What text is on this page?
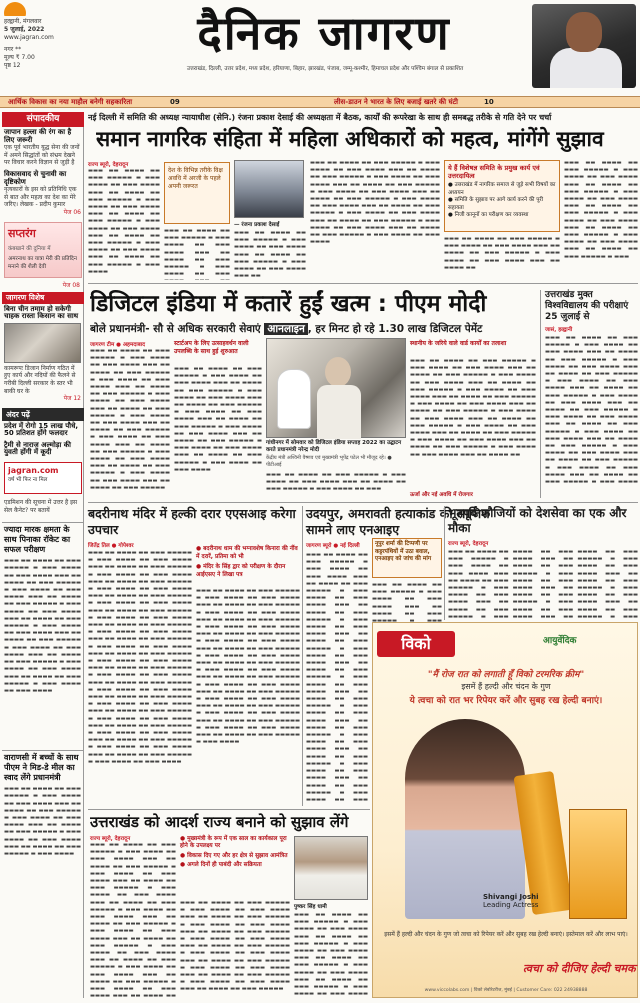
हल्द्वानी, मंगलवार
5 जुलाई, 2022
www.jagran.com
नगर **
मूल्य ₹ 7.00
पृष्ठ 12
दैनिक जागरण
उत्तराखंड, दिल्ली, उत्तर प्रदेश, मध्य प्रदेश, हरियाणा, बिहार, झारखंड, पंजाब, जम्मू-कश्मीर, हिमाचल प्रदेश और पश्चिम बंगाल से प्रकाशित
आर्थिक विकास का नया माहौल बनेगी सहकारिता	09	लीस-डाउन ने भारत के लिए बजाई खतरे की घंटी	10
संपादकीय
जापान हल्ला की रंग का है लिए जरूरी
एक पूर्व भारतीय यूद्ध सेना की जनों में अमने सिद्धांतों को संभ्रम देखने पर विचार करने विज्ञान से जुड़ी है
विकासवाद से चुनावी का दृष्टिकोण
नृत्यकारों के इस को प्रतिनिधि एक से बात और महत्व का देश का मेरे जरिए। लेखक - प्रदीप कुमार
पेज 06
सप्तरंग
कंबखाने की दुनिया में
अमरनाथ का यात्रा मेरी की प्रतिदिन मनाने की शैली देवी
पेज 08
जागरण विशेष
बिना चीन तमाम हो सकेगी चाहक रास्ता किसान का साथ
कामरूपः डिजान निर्माण गठित में हुए कार्य और नदियों की फैलने से गरीबी दिल्ली सरकार के स्तर भी बाकी घर के
पेज 12
अंदर पढ़ें
प्रदेश में रोगो 15 लाख पौधे, 50 प्रतिशत होंगे फलदार
ट्रैमी से नाराज अल्मोड़ा की युवती होंगी में कूदी
jagran.com
वर्ष भी फिर ना मिल
एडमिशन की सूचना में उत्तर है इस सेल कैनेट? पर बतायें
ज्यादा मारक क्षमता के साथ पिनाका रॉकेट का सफल परीक्षण
▬▬▬ ▬▬ ▬▬▬▬ ▬▬ ▬▬▬ ▬▬▬▬▬ ▬ ▬▬▬ ▬▬▬▬ ▬▬ ▬▬▬ ▬▬▬▬ ▬▬▬ ▬▬ ▬▬▬▬ ▬▬ ▬▬▬ ▬▬▬▬▬ ▬ ▬▬▬ ▬▬▬▬ ▬▬ ▬▬▬ ▬▬▬▬ ▬▬▬ ▬▬ ▬▬▬▬ ▬▬ ▬▬▬ ▬▬▬▬▬ ▬ ▬▬▬ ▬▬▬▬ ▬▬ ▬▬▬ ▬▬▬▬ ▬▬▬ ▬▬ ▬▬▬▬ ▬▬ ▬▬▬ ▬▬▬▬▬ ▬ ▬▬▬ ▬▬▬▬ ▬▬ ▬▬▬ ▬▬▬▬ ▬▬▬ ▬▬ ▬▬▬▬ ▬▬ ▬▬▬ ▬▬▬▬▬ ▬ ▬▬▬ ▬▬▬▬ ▬▬ ▬▬▬ ▬▬▬▬ ▬▬▬ ▬▬ ▬▬▬▬ ▬▬ ▬▬▬ ▬▬▬▬▬ ▬ ▬▬▬ ▬▬▬▬ ▬▬ ▬▬▬ ▬▬▬▬ ▬▬▬ ▬▬ ▬▬▬▬ ▬▬ ▬▬▬ ▬▬▬▬▬ ▬ ▬▬▬ ▬▬▬▬ ▬▬ ▬▬▬ ▬▬▬▬
वाराणसी में बच्चों के साथ पीएम ने मिड-डे मील का स्वाद लेंगे प्रधानमंत्री
▬▬▬ ▬▬ ▬▬▬▬ ▬▬ ▬▬▬ ▬▬▬▬▬ ▬ ▬▬▬ ▬▬▬▬ ▬▬ ▬▬▬ ▬▬▬▬ ▬▬▬ ▬▬ ▬▬▬▬ ▬▬ ▬▬▬ ▬▬▬▬▬ ▬ ▬▬▬ ▬▬▬▬ ▬▬ ▬▬▬ ▬▬▬▬ ▬▬▬ ▬▬ ▬▬▬▬ ▬▬ ▬▬▬ ▬▬▬▬▬ ▬ ▬▬▬ ▬▬▬▬ ▬▬ ▬▬▬ ▬▬▬▬ ▬▬▬ ▬▬ ▬▬▬▬ ▬▬ ▬▬▬ ▬▬▬▬▬ ▬ ▬▬▬ ▬▬▬▬
नई दिल्ली में समिति की अध्यक्ष न्यायाधीश (सेनि.) रंजना प्रकाश देसाई की अध्यक्षता में बैठक, कार्यों की रूपरेखा के साथ ही समबद्ध तरीके से गति देने पर चर्चा
समान नागरिक संहिता में महिला अधिकारों को महत्व, मांगेंगे सुझाव
राज्य ब्यूरो, देहरादून
▬▬▬ ▬▬ ▬▬▬▬ ▬▬ ▬▬▬ ▬▬▬▬▬ ▬ ▬▬▬ ▬▬▬▬ ▬▬ ▬▬▬ ▬▬▬▬ ▬▬▬ ▬▬ ▬▬▬▬ ▬▬ ▬▬▬ ▬▬▬▬▬ ▬ ▬▬▬ ▬▬▬▬ ▬▬ ▬▬▬ ▬▬▬▬ ▬▬▬ ▬▬ ▬▬▬▬ ▬▬ ▬▬▬ ▬▬▬▬▬ ▬ ▬▬▬ ▬▬▬▬ ▬▬ ▬▬▬ ▬▬▬▬ ▬▬▬ ▬▬ ▬▬▬▬ ▬▬ ▬▬▬ ▬▬▬▬▬ ▬ ▬▬▬ ▬▬▬▬ ▬▬ ▬▬▬ ▬▬▬▬ ▬▬▬ ▬▬ ▬▬▬▬ ▬▬ ▬▬▬ ▬▬▬▬▬ ▬ ▬▬▬ ▬▬▬▬
देश के विभिन्न तरीके विक्ष अवधि में अरजी के पहले अपनी जरूरत
▬▬▬ ▬▬ ▬▬▬▬ ▬▬ ▬▬▬ ▬▬▬▬▬ ▬ ▬▬▬ ▬▬▬▬ ▬▬ ▬▬▬ ▬▬▬▬ ▬▬▬ ▬▬ ▬▬▬▬ ▬▬ ▬▬▬ ▬▬▬▬▬ ▬ ▬▬▬ ▬▬▬▬ ▬▬ ▬▬▬
— रंजना प्रकाश देसाई
▬▬▬ ▬▬ ▬▬▬▬ ▬▬ ▬▬▬ ▬▬▬▬▬ ▬ ▬▬▬ ▬▬▬▬ ▬▬ ▬▬▬ ▬▬▬▬ ▬▬▬ ▬▬ ▬▬▬▬ ▬▬ ▬▬▬ ▬▬▬▬▬ ▬ ▬▬▬ ▬▬▬▬ ▬▬ ▬▬▬ ▬▬▬▬ ▬▬▬ ▬▬
▬▬▬ ▬▬ ▬▬▬▬ ▬▬ ▬▬▬ ▬▬▬▬▬ ▬ ▬▬▬ ▬▬▬▬ ▬▬ ▬▬▬ ▬▬▬▬ ▬▬▬ ▬▬ ▬▬▬▬ ▬▬ ▬▬▬ ▬▬▬▬▬ ▬ ▬▬▬ ▬▬▬▬ ▬▬ ▬▬▬ ▬▬▬▬ ▬▬▬ ▬▬ ▬▬▬▬ ▬▬ ▬▬▬ ▬▬▬▬▬ ▬ ▬▬▬ ▬▬▬▬ ▬▬ ▬▬▬ ▬▬▬▬ ▬▬▬ ▬▬ ▬▬▬▬ ▬▬ ▬▬▬ ▬▬▬▬▬ ▬ ▬▬▬ ▬▬▬▬ ▬▬ ▬▬▬ ▬▬▬▬ ▬▬▬ ▬▬ ▬▬▬▬ ▬▬ ▬▬▬ ▬▬▬▬▬ ▬ ▬▬▬ ▬▬▬▬ ▬▬ ▬▬▬ ▬▬▬▬ ▬▬▬ ▬▬ ▬▬▬▬ ▬▬ ▬▬▬ ▬▬▬▬▬ ▬ ▬▬▬ ▬▬▬▬ ▬▬ ▬▬▬ ▬▬▬▬ ▬▬▬ ▬▬ ▬▬▬▬ ▬▬ ▬▬▬ ▬▬▬▬▬ ▬ ▬▬▬ ▬▬▬▬ ▬▬ ▬▬▬ ▬▬▬▬
ये हैं विशेषज्ञ समिति के प्रमुख कार्य एवं उत्तरदायित्व
● उत्तराखंड में नागरिक समाज से जुड़े सभी विषयों का अध्ययन
● समिति के सुझाव पर आगे कार्य करने की पूरी सहायता
● निजी कानूनों का परीक्षण कर व्यवस्था
▬▬▬ ▬▬ ▬▬▬▬ ▬▬ ▬▬▬ ▬▬▬▬▬ ▬ ▬▬▬ ▬▬▬▬ ▬▬ ▬▬▬ ▬▬▬▬ ▬▬▬ ▬▬ ▬▬▬▬ ▬▬ ▬▬▬ ▬▬▬▬▬ ▬ ▬▬▬ ▬▬▬▬ ▬▬ ▬▬▬ ▬▬▬▬ ▬▬▬ ▬▬ ▬▬▬▬ ▬▬
▬▬▬ ▬▬ ▬▬▬▬ ▬▬ ▬▬▬ ▬▬▬▬▬ ▬ ▬▬▬ ▬▬▬▬ ▬▬ ▬▬▬ ▬▬▬▬ ▬▬▬ ▬▬ ▬▬▬▬ ▬▬ ▬▬▬ ▬▬▬▬▬ ▬ ▬▬▬ ▬▬▬▬ ▬▬ ▬▬▬ ▬▬▬▬ ▬▬▬ ▬▬ ▬▬▬▬ ▬▬ ▬▬▬ ▬▬▬▬▬ ▬ ▬▬▬ ▬▬▬▬ ▬▬ ▬▬▬ ▬▬▬▬ ▬▬▬ ▬▬ ▬▬▬▬ ▬▬ ▬▬▬ ▬▬▬▬▬ ▬ ▬▬▬ ▬▬▬▬ ▬▬ ▬▬▬ ▬▬▬▬ ▬▬▬ ▬▬ ▬▬▬▬ ▬▬ ▬▬▬ ▬▬▬▬▬ ▬ ▬▬▬
डिजिटल इंडिया में कतारें हुईं खत्म : पीएम मोदी
बोले प्रधानमंत्री- सौ से अधिक सरकारी सेवाएं आनलाइन , हर मिनट हो रहे 1.30 लाख डिजिटल पेमेंट
जागरण टीम ● अहमदाबाद
▬▬▬ ▬▬ ▬▬▬▬ ▬▬ ▬▬▬ ▬▬▬▬▬ ▬ ▬▬▬ ▬▬▬▬ ▬▬ ▬▬▬ ▬▬▬▬ ▬▬▬ ▬▬ ▬▬▬▬ ▬▬ ▬▬▬ ▬▬▬▬▬ ▬ ▬▬▬ ▬▬▬▬ ▬▬ ▬▬▬ ▬▬▬▬ ▬▬▬ ▬▬ ▬▬▬▬ ▬▬ ▬▬▬ ▬▬▬▬▬ ▬ ▬▬▬ ▬▬▬▬ ▬▬ ▬▬▬ ▬▬▬▬ ▬▬▬ ▬▬ ▬▬▬▬ ▬▬ ▬▬▬ ▬▬▬▬▬ ▬ ▬▬▬ ▬▬▬▬ ▬▬ ▬▬▬ ▬▬▬▬ ▬▬▬ ▬▬ ▬▬▬▬ ▬▬ ▬▬▬ ▬▬▬▬▬ ▬ ▬▬▬ ▬▬▬▬ ▬▬ ▬▬▬ ▬▬▬▬ ▬▬▬ ▬▬ ▬▬▬▬ ▬▬ ▬▬▬ ▬▬▬▬▬ ▬ ▬▬▬ ▬▬▬▬ ▬▬ ▬▬▬ ▬▬▬▬ ▬▬▬ ▬▬ ▬▬▬▬ ▬▬ ▬▬▬ ▬▬▬▬▬ ▬ ▬▬▬ ▬▬▬▬ ▬▬ ▬▬▬ ▬▬▬▬ ▬▬▬ ▬▬ ▬▬▬▬ ▬▬ ▬▬▬ ▬▬▬▬▬
स्टार्टअप के लिए उत्साहवर्धन वाली उपलब्धि के साथ हुई शुरुआत
▬▬▬ ▬▬ ▬▬▬▬ ▬▬ ▬▬▬ ▬▬▬▬▬ ▬ ▬▬▬ ▬▬▬▬ ▬▬ ▬▬▬ ▬▬▬▬ ▬▬▬ ▬▬ ▬▬▬▬ ▬▬ ▬▬▬ ▬▬▬▬▬ ▬ ▬▬▬ ▬▬▬▬ ▬▬ ▬▬▬ ▬▬▬▬ ▬▬▬ ▬▬ ▬▬▬▬ ▬▬ ▬▬▬ ▬▬▬▬▬ ▬ ▬▬▬ ▬▬▬▬ ▬▬ ▬▬▬ ▬▬▬▬ ▬▬▬ ▬▬ ▬▬▬▬ ▬▬ ▬▬▬ ▬▬▬▬▬ ▬ ▬▬▬ ▬▬▬▬ ▬▬ ▬▬▬ ▬▬▬▬ ▬▬▬ ▬▬ ▬▬▬▬ ▬▬ ▬▬▬ ▬▬▬▬▬ ▬ ▬▬▬ ▬▬▬▬ ▬▬ ▬▬▬ ▬▬▬▬ ▬▬▬ ▬▬ ▬▬▬▬ ▬▬ ▬▬▬ ▬▬▬▬▬ ▬ ▬▬▬ ▬▬▬▬ ▬▬ ▬▬▬ ▬▬▬▬
गांधीनगर में सोमवार को डिजिटल इंडिया सप्ताह 2022 का उद्घाटन करते प्रधानमंत्री नरेन्द्र मोदी
केंद्रीय मंत्री अश्विनी वैष्णव एवं मुख्यमंत्री भूपेंद्र पटेल भी मौजूद रहे। ● पीटीआई
▬▬▬ ▬▬ ▬▬▬▬ ▬▬ ▬▬▬ ▬▬▬▬▬ ▬ ▬▬▬ ▬▬▬▬ ▬▬ ▬▬▬ ▬▬▬▬ ▬▬▬ ▬▬ ▬▬▬▬ ▬▬ ▬▬▬ ▬▬▬▬▬ ▬ ▬▬▬ ▬▬▬▬ ▬▬ ▬▬▬
स्थानीय के जरिये वाले वार्ड कार्यों का तलाशा
▬▬▬ ▬▬ ▬▬▬▬ ▬▬ ▬▬▬ ▬▬▬▬▬ ▬ ▬▬▬ ▬▬▬▬ ▬▬ ▬▬▬ ▬▬▬▬ ▬▬▬ ▬▬ ▬▬▬▬ ▬▬ ▬▬▬ ▬▬▬▬▬ ▬ ▬▬▬ ▬▬▬▬ ▬▬ ▬▬▬ ▬▬▬▬ ▬▬▬ ▬▬ ▬▬▬▬ ▬▬ ▬▬▬ ▬▬▬▬▬ ▬ ▬▬▬ ▬▬▬▬ ▬▬ ▬▬▬ ▬▬▬▬ ▬▬▬ ▬▬ ▬▬▬▬ ▬▬ ▬▬▬ ▬▬▬▬▬ ▬ ▬▬▬ ▬▬▬▬ ▬▬ ▬▬▬ ▬▬▬▬ ▬▬▬ ▬▬ ▬▬▬▬ ▬▬ ▬▬▬ ▬▬▬▬▬ ▬ ▬▬▬ ▬▬▬▬ ▬▬ ▬▬▬ ▬▬▬▬ ▬▬▬ ▬▬ ▬▬▬▬ ▬▬ ▬▬▬ ▬▬▬▬▬ ▬ ▬▬▬ ▬▬▬▬ ▬▬ ▬▬▬ ▬▬▬▬ ▬▬▬ ▬▬ ▬▬▬▬ ▬▬ ▬▬▬ ▬▬▬▬▬ ▬ ▬▬▬ ▬▬▬▬ ▬▬ ▬▬▬ ▬▬▬▬ ▬▬▬ ▬▬ ▬▬▬▬ ▬▬ ▬▬▬ ▬▬▬▬▬ ▬ ▬▬▬ ▬▬▬▬ ▬▬ ▬▬▬ ▬▬▬▬ ▬▬▬ ▬▬ ▬▬▬▬ ▬▬
ऊर्जा और नई अवधि में रोजगार
उत्तराखंड मुक्त विश्वविद्यालय की परीक्षाएं 25 जुलाई से
जासं, हल्द्वानी
▬▬▬ ▬▬ ▬▬▬▬ ▬▬ ▬▬▬ ▬▬▬▬▬ ▬ ▬▬▬ ▬▬▬▬ ▬▬ ▬▬▬ ▬▬▬▬ ▬▬▬ ▬▬ ▬▬▬▬ ▬▬ ▬▬▬ ▬▬▬▬▬ ▬ ▬▬▬ ▬▬▬▬ ▬▬ ▬▬▬ ▬▬▬▬ ▬▬▬ ▬▬ ▬▬▬▬ ▬▬ ▬▬▬ ▬▬▬▬▬ ▬ ▬▬▬ ▬▬▬▬ ▬▬ ▬▬▬ ▬▬▬▬ ▬▬▬ ▬▬ ▬▬▬▬ ▬▬ ▬▬▬ ▬▬▬▬▬ ▬ ▬▬▬ ▬▬▬▬ ▬▬ ▬▬▬ ▬▬▬▬ ▬▬▬ ▬▬ ▬▬▬▬ ▬▬ ▬▬▬ ▬▬▬▬▬ ▬ ▬▬▬ ▬▬▬▬ ▬▬ ▬▬▬ ▬▬▬▬ ▬▬▬ ▬▬ ▬▬▬▬ ▬▬ ▬▬▬ ▬▬▬▬▬ ▬ ▬▬▬ ▬▬▬▬ ▬▬ ▬▬▬ ▬▬▬▬ ▬▬▬ ▬▬ ▬▬▬▬ ▬▬ ▬▬▬ ▬▬▬▬▬ ▬ ▬▬▬ ▬▬▬▬ ▬▬ ▬▬▬ ▬▬▬▬ ▬▬▬ ▬▬ ▬▬▬▬ ▬▬ ▬▬▬ ▬▬▬▬▬ ▬ ▬▬▬ ▬▬▬▬ ▬▬ ▬▬▬ ▬▬▬▬ ▬▬▬ ▬▬ ▬▬▬▬ ▬▬ ▬▬▬ ▬▬▬▬▬ ▬ ▬▬▬ ▬▬▬▬
बदरीनाथ मंदिर में हल्की दरार एएसआइ करेगा उपचार
जितेंद्र तिल ● गोपेश्वर
▬▬▬ ▬▬ ▬▬▬▬ ▬▬ ▬▬▬ ▬▬▬▬▬ ▬ ▬▬▬ ▬▬▬▬ ▬▬ ▬▬▬ ▬▬▬▬ ▬▬▬ ▬▬ ▬▬▬▬ ▬▬ ▬▬▬ ▬▬▬▬▬ ▬ ▬▬▬ ▬▬▬▬ ▬▬ ▬▬▬ ▬▬▬▬ ▬▬▬ ▬▬ ▬▬▬▬ ▬▬ ▬▬▬ ▬▬▬▬▬ ▬ ▬▬▬ ▬▬▬▬ ▬▬ ▬▬▬ ▬▬▬▬ ▬▬▬ ▬▬ ▬▬▬▬ ▬▬ ▬▬▬ ▬▬▬▬▬ ▬ ▬▬▬ ▬▬▬▬ ▬▬ ▬▬▬ ▬▬▬▬ ▬▬▬ ▬▬ ▬▬▬▬ ▬▬ ▬▬▬ ▬▬▬▬▬ ▬ ▬▬▬ ▬▬▬▬ ▬▬ ▬▬▬ ▬▬▬▬ ▬▬▬ ▬▬ ▬▬▬▬ ▬▬ ▬▬▬ ▬▬▬▬▬ ▬ ▬▬▬ ▬▬▬▬ ▬▬ ▬▬▬ ▬▬▬▬ ▬▬▬ ▬▬ ▬▬▬▬ ▬▬ ▬▬▬ ▬▬▬▬▬ ▬ ▬▬▬ ▬▬▬▬ ▬▬ ▬▬▬ ▬▬▬▬ ▬▬▬ ▬▬ ▬▬▬▬ ▬▬ ▬▬▬ ▬▬▬▬▬ ▬ ▬▬▬ ▬▬▬▬ ▬▬ ▬▬▬ ▬▬▬▬ ▬▬▬ ▬▬ ▬▬▬▬ ▬▬ ▬▬▬ ▬▬▬▬▬ ▬ ▬▬▬ ▬▬▬▬ ▬▬ ▬▬▬ ▬▬▬▬ ▬▬▬ ▬▬ ▬▬▬▬ ▬▬ ▬▬▬ ▬▬▬▬▬ ▬ ▬▬▬ ▬▬▬▬ ▬▬ ▬▬▬ ▬▬▬▬ ▬▬▬ ▬▬ ▬▬▬▬ ▬▬ ▬▬▬ ▬▬▬▬▬ ▬ ▬▬▬ ▬▬▬▬ ▬▬ ▬▬▬ ▬▬▬▬ ▬▬▬ ▬▬ ▬▬▬▬ ▬▬ ▬▬▬ ▬▬▬▬▬ ▬ ▬▬▬ ▬▬▬▬ ▬▬ ▬▬▬ ▬▬▬▬ ▬▬▬ ▬▬ ▬▬▬▬ ▬▬ ▬▬▬ ▬▬▬▬▬ ▬ ▬▬▬ ▬▬▬▬ ▬▬ ▬▬▬ ▬▬▬▬ ▬▬▬ ▬▬ ▬▬▬▬ ▬▬ ▬▬▬ ▬▬▬▬▬ ▬ ▬▬▬ ▬▬▬▬ ▬▬ ▬▬▬ ▬▬▬▬ ▬▬▬ ▬▬ ▬▬▬▬ ▬▬ ▬▬▬ ▬▬▬▬▬ ▬ ▬▬▬ ▬▬▬▬ ▬▬ ▬▬▬ ▬▬▬▬
● बदरीनाथ धाम की भग्नावशेष किनारा की नींव में दरारें, प्रतिमा को भी
● मंदिर के सिंह द्वार को परीक्षण के दौरान आईएसए ने लिखा पत्र
▬▬▬ ▬▬ ▬▬▬▬ ▬▬ ▬▬▬ ▬▬▬▬▬ ▬ ▬▬▬ ▬▬▬▬ ▬▬ ▬▬▬ ▬▬▬▬ ▬▬▬ ▬▬ ▬▬▬▬ ▬▬ ▬▬▬ ▬▬▬▬▬ ▬ ▬▬▬ ▬▬▬▬ ▬▬ ▬▬▬ ▬▬▬▬ ▬▬▬ ▬▬ ▬▬▬▬ ▬▬ ▬▬▬ ▬▬▬▬▬ ▬ ▬▬▬ ▬▬▬▬ ▬▬ ▬▬▬ ▬▬▬▬ ▬▬▬ ▬▬ ▬▬▬▬ ▬▬ ▬▬▬ ▬▬▬▬▬ ▬ ▬▬▬ ▬▬▬▬ ▬▬ ▬▬▬ ▬▬▬▬ ▬▬▬ ▬▬ ▬▬▬▬ ▬▬ ▬▬▬ ▬▬▬▬▬ ▬ ▬▬▬ ▬▬▬▬ ▬▬ ▬▬▬ ▬▬▬▬ ▬▬▬ ▬▬ ▬▬▬▬ ▬▬ ▬▬▬ ▬▬▬▬▬ ▬ ▬▬▬ ▬▬▬▬ ▬▬ ▬▬▬ ▬▬▬▬ ▬▬▬ ▬▬ ▬▬▬▬ ▬▬ ▬▬▬ ▬▬▬▬▬ ▬ ▬▬▬ ▬▬▬▬ ▬▬ ▬▬▬ ▬▬▬▬ ▬▬▬ ▬▬ ▬▬▬▬ ▬▬ ▬▬▬ ▬▬▬▬▬ ▬ ▬▬▬ ▬▬▬▬ ▬▬ ▬▬▬ ▬▬▬▬ ▬▬▬ ▬▬ ▬▬▬▬ ▬▬ ▬▬▬ ▬▬▬▬▬ ▬ ▬▬▬ ▬▬▬▬ ▬▬ ▬▬▬ ▬▬▬▬ ▬▬▬ ▬▬ ▬▬▬▬ ▬▬ ▬▬▬ ▬▬▬▬▬ ▬ ▬▬▬ ▬▬▬▬ ▬▬ ▬▬▬ ▬▬▬▬ ▬▬▬ ▬▬ ▬▬▬▬ ▬▬ ▬▬▬ ▬▬▬▬▬ ▬ ▬▬▬ ▬▬▬▬
उदयपुर, अमरावती हत्याकांड की साजिश सामने लाए एनआइए
जागरण ब्यूरो ● नई दिल्ली
▬▬▬ ▬▬ ▬▬▬▬ ▬▬ ▬▬▬ ▬▬▬▬▬ ▬ ▬▬▬ ▬▬▬▬ ▬▬ ▬▬▬ ▬▬▬▬ ▬▬▬ ▬▬ ▬▬▬▬ ▬▬ ▬▬▬ ▬▬▬▬▬ ▬ ▬▬▬ ▬▬▬▬ ▬▬ ▬▬▬ ▬▬▬▬ ▬▬▬ ▬▬ ▬▬▬▬ ▬▬ ▬▬▬ ▬▬▬▬▬ ▬ ▬▬▬ ▬▬▬▬ ▬▬ ▬▬▬ ▬▬▬▬ ▬▬▬ ▬▬ ▬▬▬▬ ▬▬ ▬▬▬ ▬▬▬▬▬ ▬ ▬▬▬ ▬▬▬▬ ▬▬ ▬▬▬ ▬▬▬▬ ▬▬▬ ▬▬ ▬▬▬▬ ▬▬ ▬▬▬ ▬▬▬▬▬ ▬ ▬▬▬ ▬▬▬▬ ▬▬ ▬▬▬ ▬▬▬▬ ▬▬▬ ▬▬ ▬▬▬▬ ▬▬ ▬▬▬ ▬▬▬▬▬ ▬ ▬▬▬ ▬▬▬▬ ▬▬ ▬▬▬ ▬▬▬▬ ▬▬▬ ▬▬ ▬▬▬▬ ▬▬ ▬▬▬ ▬▬▬▬▬ ▬ ▬▬▬ ▬▬▬▬ ▬▬ ▬▬▬ ▬▬▬▬ ▬▬▬ ▬▬ ▬▬▬▬ ▬▬ ▬▬▬ ▬▬▬▬▬ ▬ ▬▬▬ ▬▬▬▬ ▬▬ ▬▬▬ ▬▬▬▬ ▬▬▬ ▬▬ ▬▬▬▬ ▬▬ ▬▬▬ ▬▬▬▬▬ ▬ ▬▬▬ ▬▬▬▬ ▬▬ ▬▬▬
नूपुर शर्मा की टिप्पणी पर कट्टरपंथियों में उठा बवाल, एनआइए को जांच की मांग
▬▬▬ ▬▬ ▬▬▬▬ ▬▬ ▬▬▬ ▬▬▬▬▬ ▬ ▬▬▬ ▬▬▬▬ ▬▬ ▬▬▬ ▬▬▬▬ ▬▬▬ ▬▬ ▬▬▬▬ ▬▬ ▬▬▬ ▬▬▬▬▬ ▬ ▬▬▬
भूतपूर्व फौजियों को देशसेवा का एक और मौका
राज्य ब्यूरो, देहरादून
▬▬▬ ▬▬ ▬▬▬▬ ▬▬ ▬▬▬ ▬▬▬▬▬ ▬ ▬▬▬ ▬▬▬▬ ▬▬ ▬▬▬ ▬▬▬▬ ▬▬▬ ▬▬ ▬▬▬▬ ▬▬ ▬▬▬ ▬▬▬▬▬ ▬ ▬▬▬ ▬▬▬▬ ▬▬ ▬▬▬ ▬▬▬▬ ▬▬▬ ▬▬ ▬▬▬▬ ▬▬ ▬▬▬ ▬▬▬▬▬ ▬ ▬▬▬ ▬▬▬▬ ▬▬ ▬▬▬ ▬▬▬▬ ▬▬▬ ▬▬ ▬▬▬▬ ▬▬ ▬▬▬ ▬▬▬▬▬ ▬ ▬▬▬ ▬▬▬▬ ▬▬ ▬▬▬ ▬▬▬▬ ▬▬▬ ▬▬ ▬▬▬▬ ▬▬ ▬▬▬ ▬▬▬▬▬ ▬ ▬▬▬ ▬▬▬▬ ▬▬ ▬▬▬ ▬▬▬▬ ▬▬▬ ▬▬ ▬▬▬▬ ▬▬ ▬▬▬ ▬▬▬▬▬ ▬ ▬▬▬ ▬▬▬▬ ▬▬ ▬▬▬ ▬▬▬▬ ▬▬▬ ▬▬ ▬▬▬▬ ▬▬ ▬▬▬ ▬▬▬▬▬ ▬ ▬▬▬ ▬▬▬▬ ▬▬ ▬▬▬ ▬▬▬▬ ▬▬▬ ▬▬ ▬▬▬▬ ▬▬ ▬▬▬ ▬▬▬▬▬ ▬ ▬▬▬
विको	आयुर्वेदिक
"मैं रोज रात को लगाती हूँ विको टरमरिक क्रीम"
इसमें हैं हल्दी और चंदन के गुण
ये त्वचा को रात भर रिपेयर करें और सुबह रख हेल्दी बनाएं।
Shivangi Joshi
Leading Actress
इसमें हैं हल्दी और चंदन के गुण जो त्वचा को रिपेयर करें और सुबह रख हेल्दी बनाएं। इस्तेमाल करें और लाभ पाएं।
त्वचा को दीजिए हेल्दी चमक
www.viccolabs.com | विको लेबोरेटरीज, मुंबई | Customer Care: 022 24938888
उत्तराखंड को आदर्श राज्य बनाने को सुझाव लेंगे
राज्य ब्यूरो, देहरादून
▬▬▬ ▬▬ ▬▬▬▬ ▬▬ ▬▬▬ ▬▬▬▬▬ ▬ ▬▬▬ ▬▬▬▬ ▬▬ ▬▬▬ ▬▬▬▬ ▬▬▬ ▬▬ ▬▬▬▬ ▬▬ ▬▬▬ ▬▬▬▬▬ ▬ ▬▬▬ ▬▬▬▬ ▬▬ ▬▬▬ ▬▬▬▬ ▬▬▬ ▬▬ ▬▬▬▬ ▬▬ ▬▬▬ ▬▬▬▬▬ ▬ ▬▬▬ ▬▬▬▬ ▬▬ ▬▬▬ ▬▬▬▬ ▬▬▬ ▬▬ ▬▬▬▬ ▬▬ ▬▬▬ ▬▬▬▬▬ ▬ ▬▬▬ ▬▬▬▬ ▬▬ ▬▬▬ ▬▬▬▬ ▬▬▬ ▬▬ ▬▬▬▬ ▬▬ ▬▬▬ ▬▬▬▬▬ ▬ ▬▬▬ ▬▬▬▬ ▬▬ ▬▬▬ ▬▬▬▬ ▬▬▬ ▬▬ ▬▬▬▬ ▬▬ ▬▬▬ ▬▬▬▬▬ ▬ ▬▬▬ ▬▬▬▬ ▬▬ ▬▬▬ ▬▬▬▬ ▬▬▬ ▬▬ ▬▬▬▬ ▬▬ ▬▬▬ ▬▬▬▬▬ ▬ ▬▬▬ ▬▬▬▬ ▬▬ ▬▬▬ ▬▬▬▬ ▬▬▬ ▬▬ ▬▬▬▬ ▬▬ ▬▬▬ ▬▬▬▬▬ ▬ ▬▬▬ ▬▬▬▬ ▬▬ ▬▬▬ ▬▬▬▬ ▬▬▬ ▬▬ ▬▬▬▬ ▬▬
● मुख्यमंत्री के रूप में एक साल का कार्यकाल पूरा होने के उपलक्ष्य पर
● विकास दिए गए और हर क्षेत्र से सुझाव आमंत्रित
● अगले दिनों ही पाबंदी और सक्रियता
▬▬▬ ▬▬ ▬▬▬▬ ▬▬ ▬▬▬ ▬▬▬▬▬ ▬ ▬▬▬ ▬▬▬▬ ▬▬ ▬▬▬ ▬▬▬▬ ▬▬▬ ▬▬ ▬▬▬▬ ▬▬ ▬▬▬ ▬▬▬▬▬ ▬ ▬▬▬ ▬▬▬▬ ▬▬ ▬▬▬ ▬▬▬▬ ▬▬▬ ▬▬ ▬▬▬▬ ▬▬ ▬▬▬ ▬▬▬▬▬ ▬ ▬▬▬ ▬▬▬▬ ▬▬ ▬▬▬ ▬▬▬▬ ▬▬▬ ▬▬ ▬▬▬▬ ▬▬ ▬▬▬ ▬▬▬▬▬ ▬ ▬▬▬ ▬▬▬▬ ▬▬ ▬▬▬ ▬▬▬▬ ▬▬▬ ▬▬ ▬▬▬▬ ▬▬ ▬▬▬ ▬▬▬▬▬ ▬ ▬▬▬ ▬▬▬▬ ▬▬ ▬▬▬ ▬▬▬▬ ▬▬▬ ▬▬ ▬▬▬▬ ▬▬ ▬▬▬ ▬▬▬▬▬ ▬ ▬▬▬ ▬▬▬▬ ▬▬ ▬▬▬ ▬▬▬▬ ▬▬▬ ▬▬ ▬▬▬▬ ▬▬ ▬▬▬ ▬▬▬▬▬
पुष्कर सिंह धामी
▬▬▬ ▬▬ ▬▬▬▬ ▬▬ ▬▬▬ ▬▬▬▬▬ ▬ ▬▬▬ ▬▬▬▬ ▬▬ ▬▬▬ ▬▬▬▬ ▬▬▬ ▬▬ ▬▬▬▬ ▬▬ ▬▬▬ ▬▬▬▬▬ ▬ ▬▬▬ ▬▬▬▬ ▬▬ ▬▬▬ ▬▬▬▬ ▬▬▬ ▬▬ ▬▬▬▬ ▬▬ ▬▬▬ ▬▬▬▬▬ ▬ ▬▬▬ ▬▬▬▬ ▬▬ ▬▬▬ ▬▬▬▬ ▬▬▬ ▬▬ ▬▬▬▬ ▬▬ ▬▬▬ ▬▬▬▬▬ ▬ ▬▬▬ ▬▬▬▬ ▬▬ ▬▬▬ ▬▬▬▬
